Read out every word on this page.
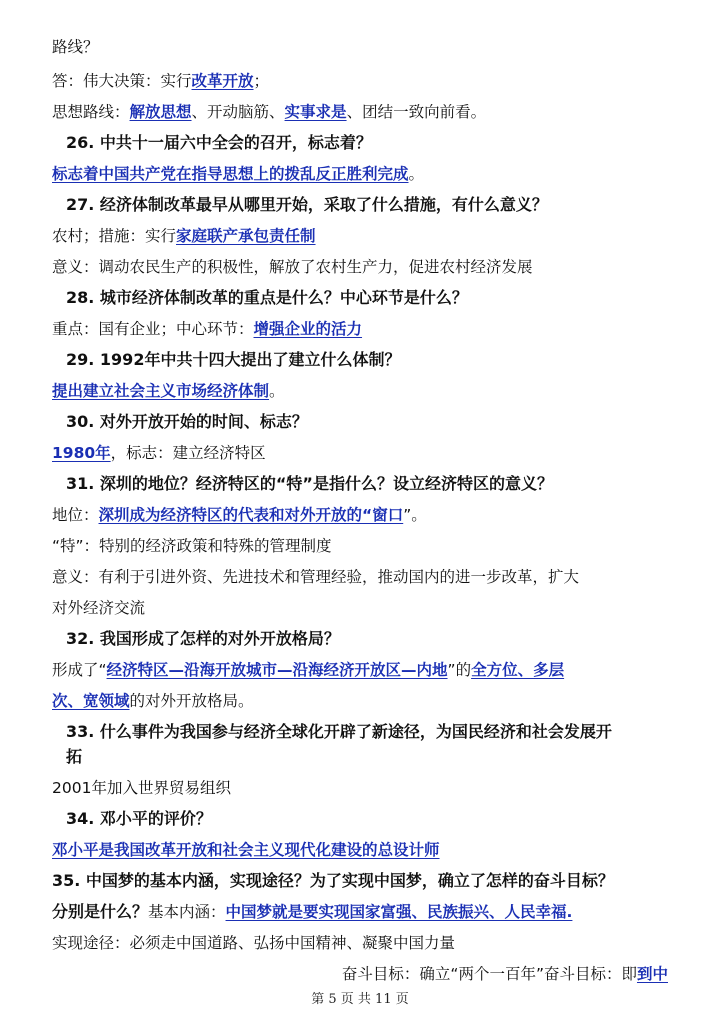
路线？
答：伟大决策：实行改革开放；
思想路线：解放思想、开动脑筋、实事求是、团结一致向前看。
26. 中共十一届六中全会的召开，标志着？
标志着中国共产党在指导思想上的拨乱反正胜利完成。
27. 经济体制改革最早从哪里开始，采取了什么措施，有什么意义？
农村；措施：实行家庭联产承包责任制
意义：调动农民生产的积极性，解放了农村生产力，促进农村经济发展
28. 城市经济体制改革的重点是什么？中心环节是什么？
重点：国有企业；中心环节：增强企业的活力
29. 1992年中共十四大提出了建立什么体制？
提出建立社会主义市场经济体制。
30. 对外开放开始的时间、标志？
1980年，标志：建立经济特区
31. 深圳的地位？经济特区的“特”是指什么？设立经济特区的意义？
地位：深圳成为经济特区的代表和对外开放的“窗口”。
“特”：特别的经济政策和特殊的管理制度
意义：有利于引进外资、先进技术和管理经验，推动国内的进一步改革，扩大
对外经济交流
32. 我国形成了怎样的对外开放格局？
形成了“经济特区—沿海开放城市—沿海经济开放区—内地”的全方位、多层
次、宽领域的对外开放格局。
33. 什么事件为我国参与经济全球化开辟了新途径，为国民经济和社会发展开
拓
2001年加入世界贸易组织
34. 邓小平的评价？
邓小平是我国改革开放和社会主义现代化建设的总设计师
35. 中国梦的基本内涵，实现途径？为了实现中国梦，确立了怎样的奋斗目标？
分别是什么？基本内涵：中国梦就是要实现国家富强、民族振兴、人民幸福.
实现途径：必须走中国道路、弘扬中国精神、凝聚中国力量
奋斗目标：确立“两个一百年”奋斗目标：即到中
第 5 页 共 11 页
